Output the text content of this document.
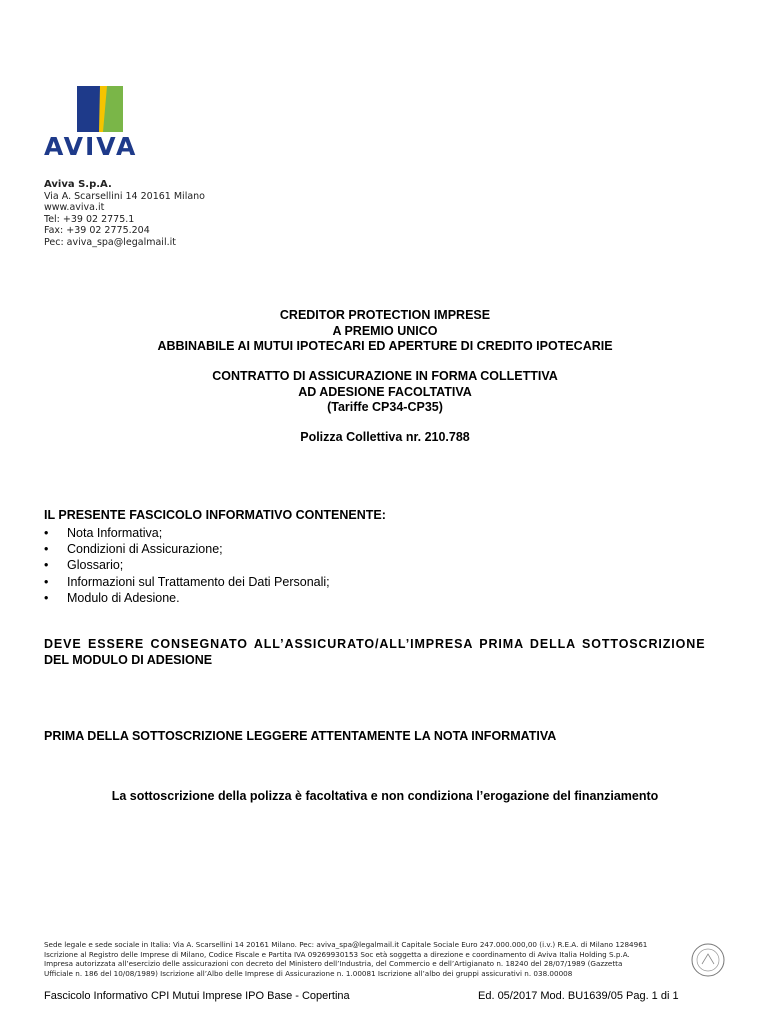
AVIVA
Aviva S.p.A.
Via A. Scarsellini 14 20161 Milano
www.aviva.it
Tel: +39 02 2775.1
Fax: +39 02 2775.204
Pec: aviva_spa@legalmail.it
CREDITOR PROTECTION IMPRESE
A PREMIO UNICO
ABBINABILE AI MUTUI IPOTECARI ED APERTURE DI CREDITO IPOTECARIE
CONTRATTO DI ASSICURAZIONE IN FORMA COLLETTIVA
AD ADESIONE FACOLTATIVA
(Tariffe CP34-CP35)
Polizza Collettiva nr. 210.788
IL PRESENTE FASCICOLO INFORMATIVO CONTENENTE:
• Nota Informativa;
• Condizioni di Assicurazione;
• Glossario;
• Informazioni sul Trattamento dei Dati Personali;
• Modulo di Adesione.
DEVE ESSERE CONSEGNATO ALL’ASSICURATO/ALL’IMPRESA PRIMA DELLA SOTTOSCRIZIONE
DEL MODULO DI ADESIONE
PRIMA DELLA SOTTOSCRIZIONE LEGGERE ATTENTAMENTE LA NOTA INFORMATIVA
La sottoscrizione della polizza è facoltativa e non condiziona l’erogazione del finanziamento
Sede legale e sede sociale in Italia: Via A. Scarsellini 14 20161 Milano. Pec: aviva_spa@legalmail.it Capitale Sociale Euro 247.000.000,00 (i.v.) R.E.A. di Milano 1284961
Iscrizione al Registro delle Imprese di Milano, Codice Fiscale e Partita IVA 09269930153 Soc età soggetta a direzione e coordinamento di Aviva Italia Holding S.p.A.
Impresa autorizzata all’esercizio delle assicurazioni con decreto del Ministero dell’Industria, del Commercio e dell’Artigianato n. 18240 del 28/07/1989 (Gazzetta
Ufficiale n. 186 del 10/08/1989) Iscrizione all’Albo delle Imprese di Assicurazione n. 1.00081 Iscrizione all’albo dei gruppi assicurativi n. 038.00008
Fascicolo Informativo CPI Mutui Imprese IPO Base - Copertina	Ed. 05/2017 Mod. BU1639/05 Pag. 1 di 1
